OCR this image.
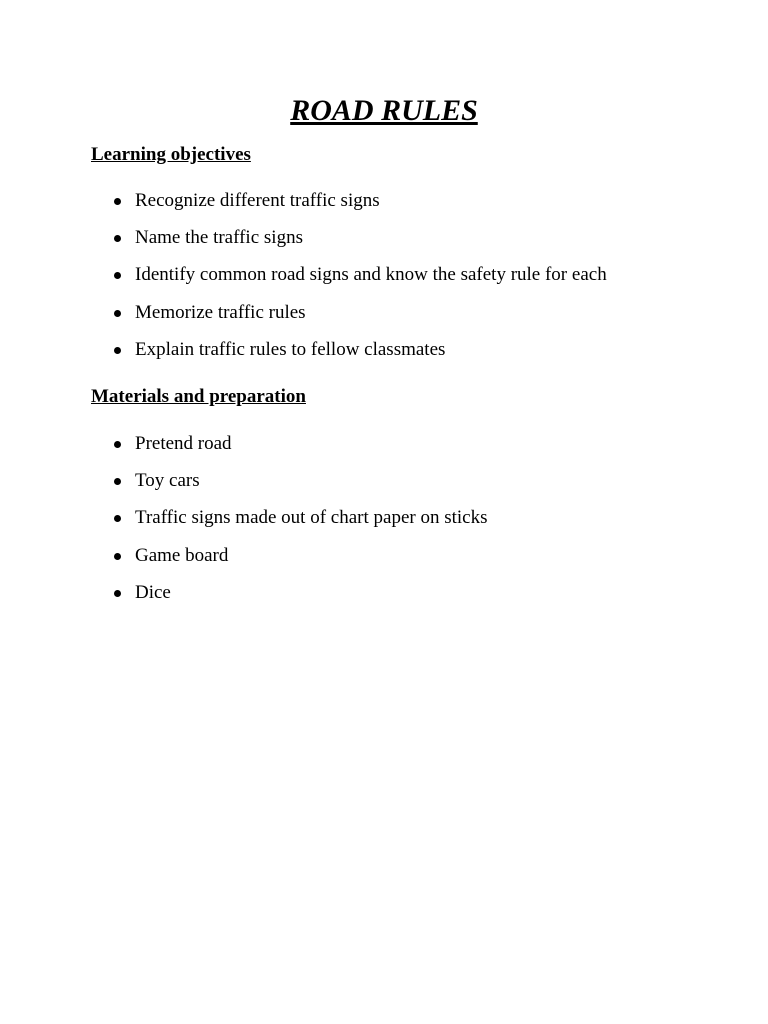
ROAD RULES
Learning objectives
Recognize different traffic signs
Name the traffic signs
Identify common road signs and know the safety rule for each
Memorize traffic rules
Explain traffic rules to fellow classmates
Materials and preparation
Pretend road
Toy cars
Traffic signs made out of chart paper on sticks
Game board
Dice
